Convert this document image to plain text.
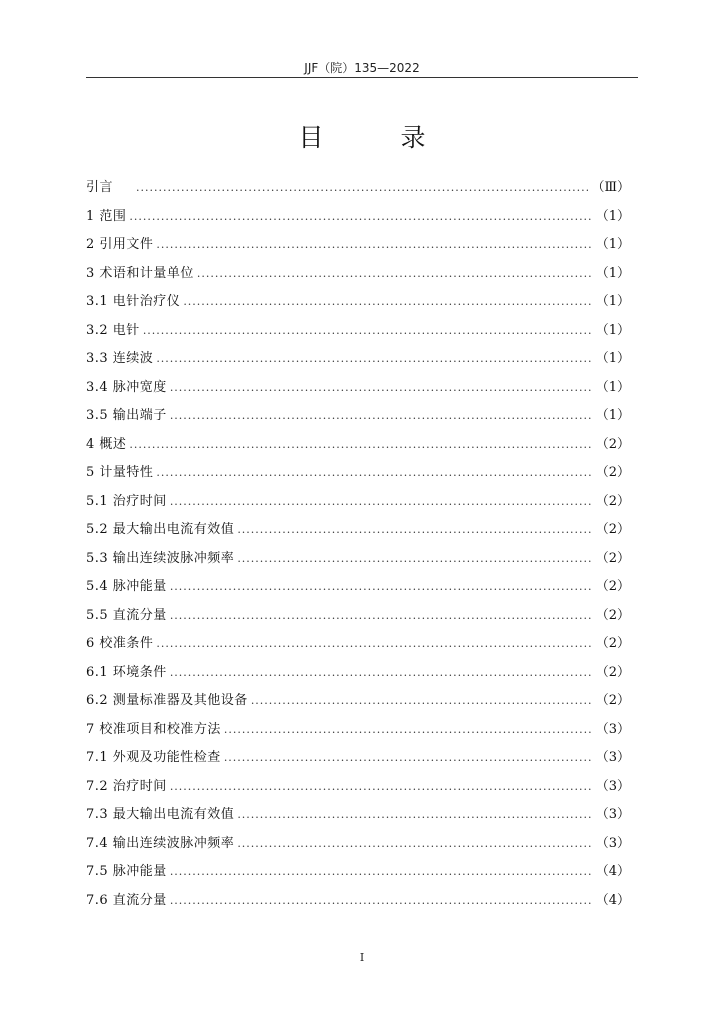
JJF（院）135—2022
目　录
引言 .....	（Ⅲ）
1 范围 .....	（1）
2 引用文件 .....	（1）
3 术语和计量单位 .....	（1）
3.1 电针治疗仪 .....	（1）
3.2 电针 .....	（1）
3.3 连续波 .....	（1）
3.4 脉冲宽度 .....	（1）
3.5 输出端子 .....	（1）
4 概述 .....	（2）
5 计量特性 .....	（2）
5.1 治疗时间 .....	（2）
5.2 最大输出电流有效值 .....	（2）
5.3 输出连续波脉冲频率 .....	（2）
5.4 脉冲能量 .....	（2）
5.5 直流分量 .....	（2）
6 校准条件 .....	（2）
6.1 环境条件 .....	（2）
6.2 测量标准器及其他设备 .....	（2）
7 校准项目和校准方法 .....	（3）
7.1 外观及功能性检查 .....	（3）
7.2 治疗时间 .....	（3）
7.3 最大输出电流有效值 .....	（3）
7.4 输出连续波脉冲频率 .....	（3）
7.5 脉冲能量 .....	（4）
7.6 直流分量 .....	（4）
I
